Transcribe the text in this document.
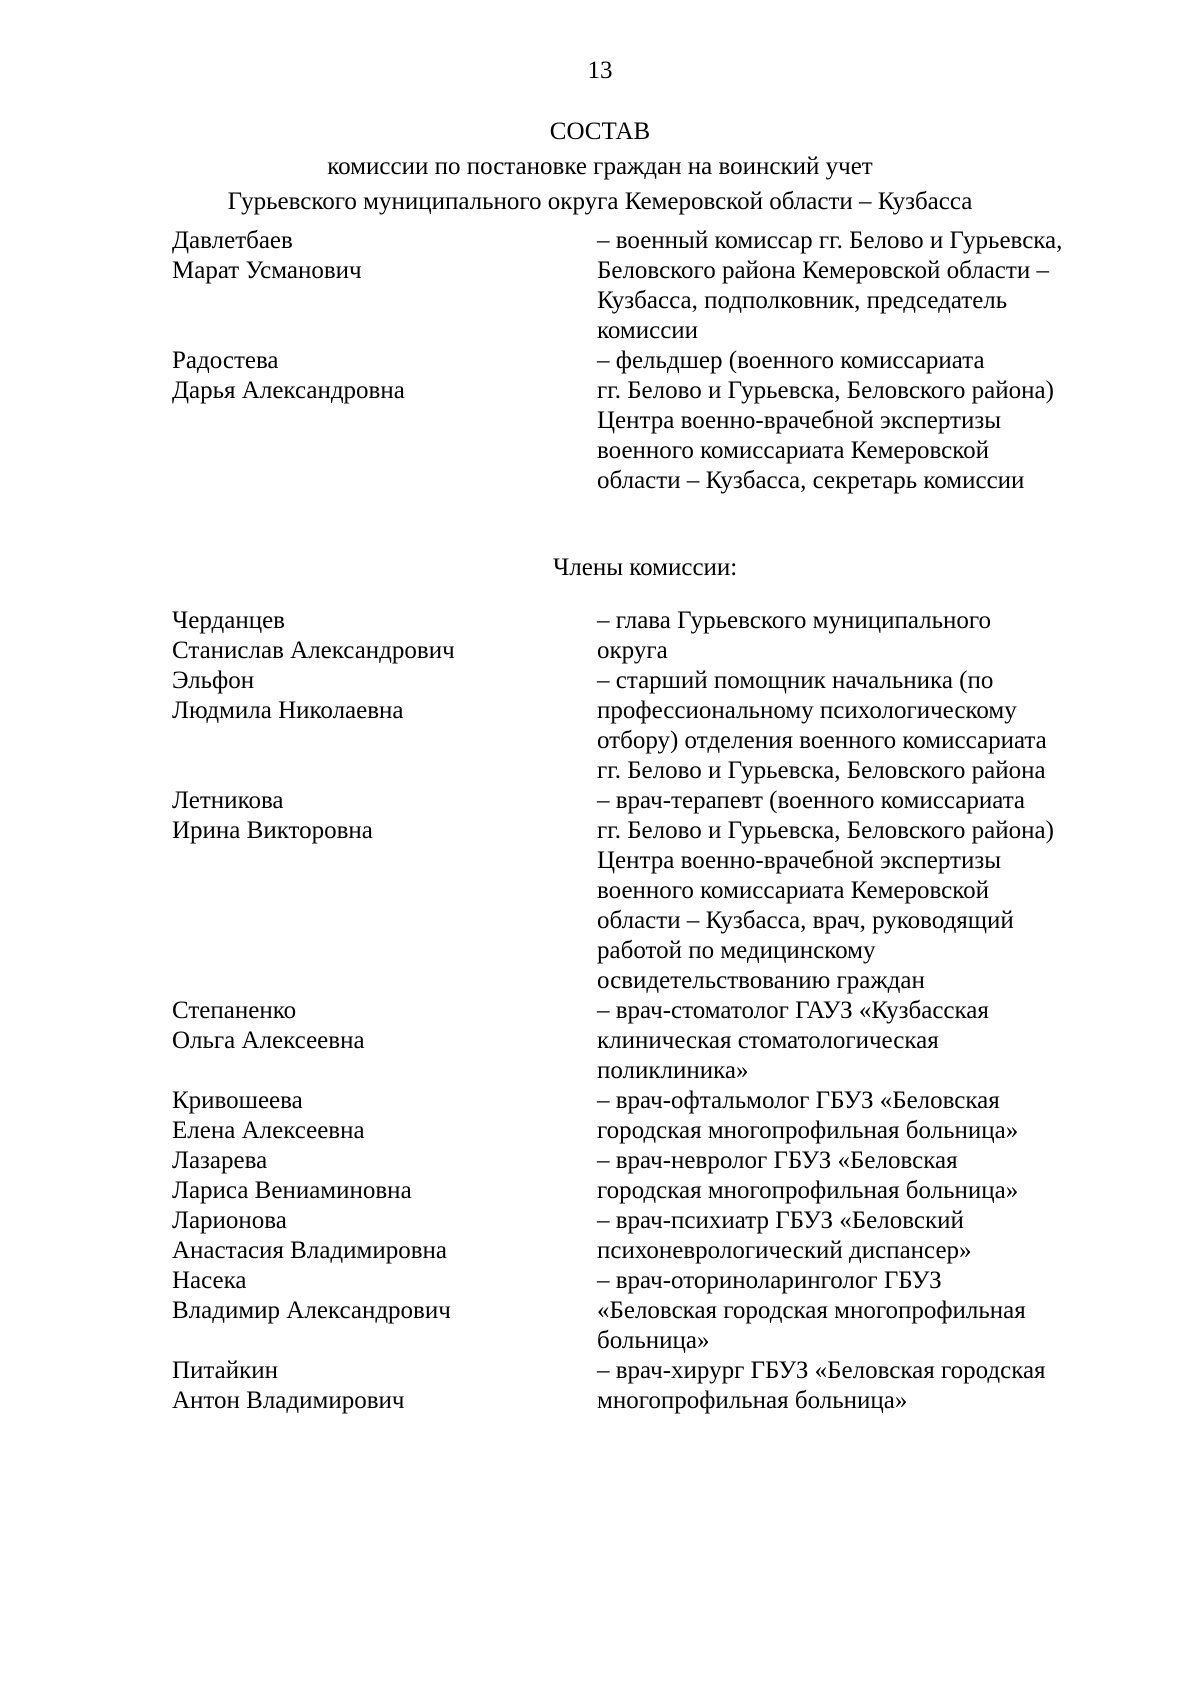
13
СОСТАВ
комиссии по постановке граждан на воинский учет
Гурьевского муниципального округа Кемеровской области – Кузбасса
Давлетбаев
Марат Усманович
– военный комиссар гг. Белово и Гурьевска,
Беловского района Кемеровской области –
Кузбасса, подполковник, председатель
комиссии
Радостева
Дарья Александровна
– фельдшер (военного комиссариата
гг. Белово и Гурьевска, Беловского района)
Центра военно-врачебной экспертизы
военного комиссариата Кемеровской
области – Кузбасса, секретарь комиссии
Члены комиссии:
Черданцев
Станислав Александрович
– глава Гурьевского муниципального
округа
Эльфон
Людмила Николаевна
– старший помощник начальника (по
профессиональному психологическому
отбору) отделения военного комиссариата
гг. Белово и Гурьевска, Беловского района
Летникова
Ирина Викторовна
– врач-терапевт (военного комиссариата
гг. Белово и Гурьевска, Беловского района)
Центра военно-врачебной экспертизы
военного комиссариата Кемеровской
области – Кузбасса, врач, руководящий
работой по медицинскому
освидетельствованию граждан
Степаненко
Ольга Алексеевна
– врач-стоматолог ГАУЗ «Кузбасская
клиническая стоматологическая
поликлиника»
Кривошеева
Елена Алексеевна
– врач-офтальмолог ГБУЗ «Беловская
городская многопрофильная больница»
Лазарева
Лариса Вениаминовна
– врач-невролог ГБУЗ «Беловская
городская многопрофильная больница»
Ларионова
Анастасия Владимировна
– врач-психиатр ГБУЗ «Беловский
психоневрологический диспансер»
Насека
Владимир Александрович
– врач-оториноларинголог ГБУЗ
«Беловская городская многопрофильная
больница»
Питайкин
Антон Владимирович
– врач-хирург ГБУЗ «Беловская городская
многопрофильная больница»
